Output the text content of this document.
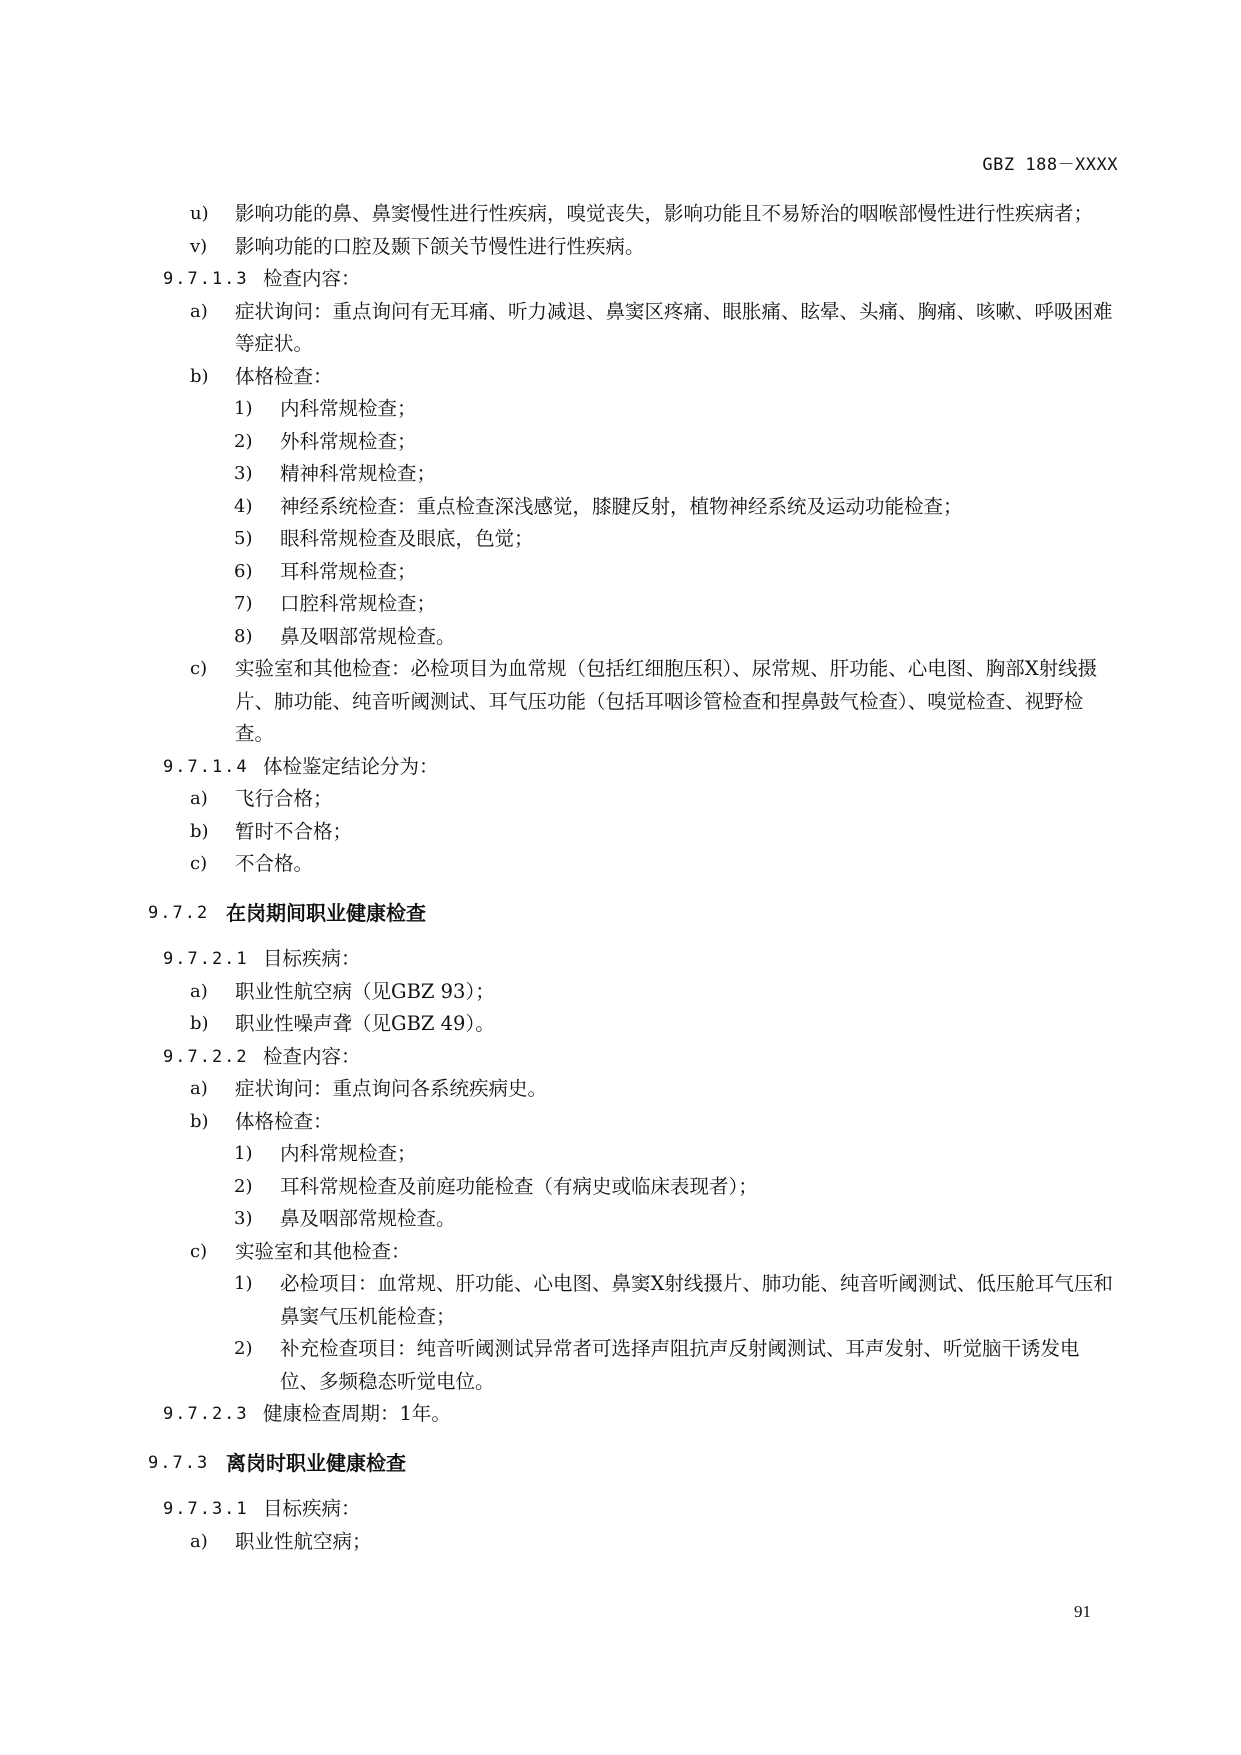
GBZ 188－XXXX
u)	影响功能的鼻、鼻窦慢性进行性疾病，嗅觉丧失，影响功能且不易矫治的咽喉部慢性进行性疾病者；
v)	影响功能的口腔及颞下颌关节慢性进行性疾病。
9.7.1.3 检查内容：
a)	症状询问：重点询问有无耳痛、听力减退、鼻窦区疼痛、眼胀痛、眩晕、头痛、胸痛、咳嗽、呼吸困难等症状。
b)	体格检查：
1)	内科常规检查；
2)	外科常规检查；
3)	精神科常规检查；
4)	神经系统检查：重点检查深浅感觉，膝腱反射，植物神经系统及运动功能检查；
5)	眼科常规检查及眼底，色觉；
6)	耳科常规检查；
7)	口腔科常规检查；
8)	鼻及咽部常规检查。
c)	实验室和其他检查：必检项目为血常规（包括红细胞压积）、尿常规、肝功能、心电图、胸部X射线摄片、肺功能、纯音听阈测试、耳气压功能（包括耳咽诊管检查和捏鼻鼓气检查）、嗅觉检查、视野检查。
9.7.1.4 体检鉴定结论分为：
a)	飞行合格；
b)	暂时不合格；
c)	不合格。
9.7.2 在岗期间职业健康检查
9.7.2.1 目标疾病：
a)	职业性航空病（见GBZ 93）；
b)	职业性噪声聋（见GBZ 49）。
9.7.2.2 检查内容：
a)	症状询问：重点询问各系统疾病史。
b)	体格检查：
1)	内科常规检查；
2)	耳科常规检查及前庭功能检查（有病史或临床表现者）；
3)	鼻及咽部常规检查。
c)	实验室和其他检查：
1)	必检项目：血常规、肝功能、心电图、鼻窦X射线摄片、肺功能、纯音听阈测试、低压舱耳气压和鼻窦气压机能检查；
2)	补充检查项目：纯音听阈测试异常者可选择声阻抗声反射阈测试、耳声发射、听觉脑干诱发电位、多频稳态听觉电位。
9.7.2.3 健康检查周期：1年。
9.7.3 离岗时职业健康检查
9.7.3.1 目标疾病：
a)	职业性航空病；
91
